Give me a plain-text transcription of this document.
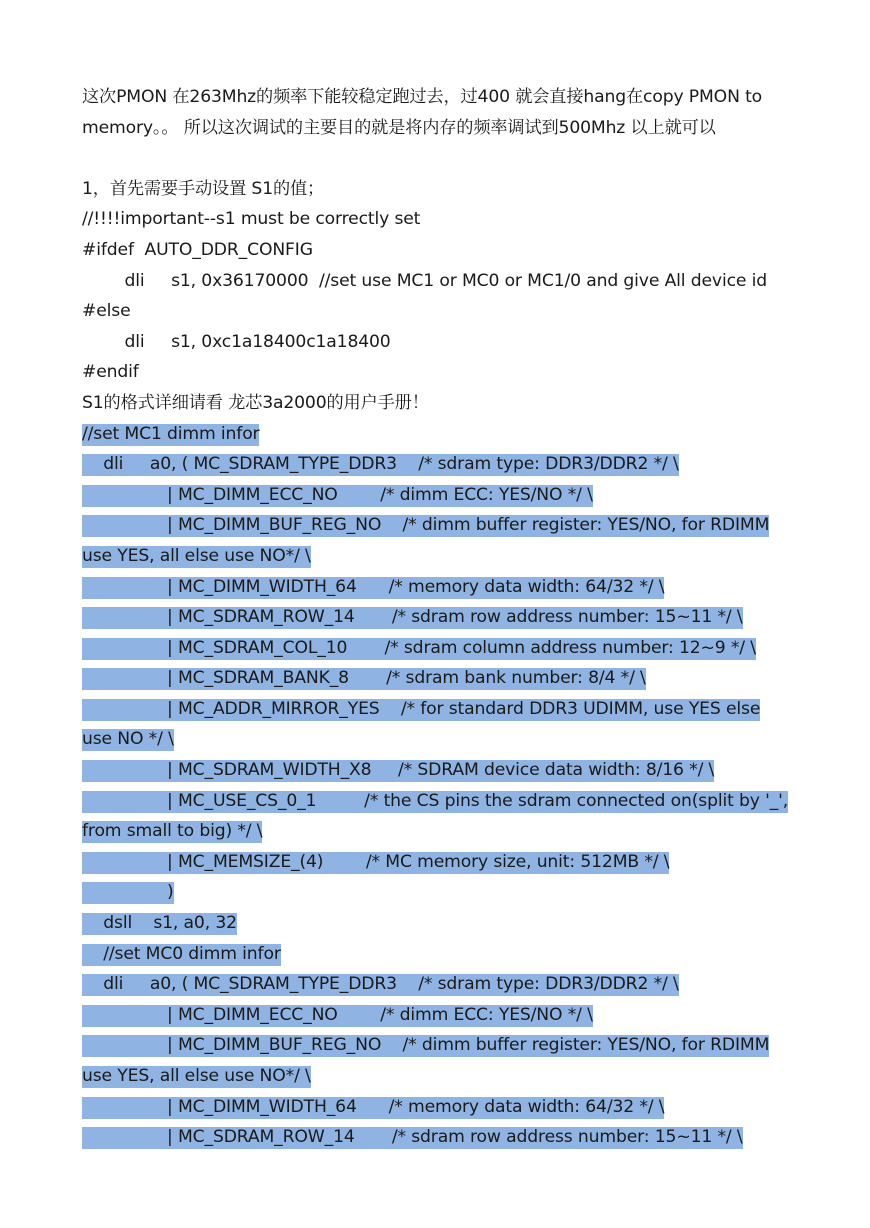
这次PMON 在263Mhz的频率下能较稳定跑过去，过400 就会直接hang在copy PMON to
memory。。 所以这次调试的主要目的就是将内存的频率调试到500Mhz 以上就可以
1，首先需要手动设置 S1的值；
//!!!!important--s1 must be correctly set
#ifdef  AUTO_DDR_CONFIG
dli     s1, 0x36170000  //set use MC1 or MC0 or MC1/0 and give All device id
#else
dli     s1, 0xc1a18400c1a18400
#endif
S1的格式详细请看 龙芯3a2000的用户手册！
//set MC1 dimm infor
dli     a0, ( MC_SDRAM_TYPE_DDR3    /* sdram type: DDR3/DDR2 */ \
| MC_DIMM_ECC_NO        /* dimm ECC: YES/NO */ \
| MC_DIMM_BUF_REG_NO    /* dimm buffer register: YES/NO, for RDIMM
use YES, all else use NO*/ \
| MC_DIMM_WIDTH_64      /* memory data width: 64/32 */ \
| MC_SDRAM_ROW_14       /* sdram row address number: 15~11 */ \
| MC_SDRAM_COL_10       /* sdram column address number: 12~9 */ \
| MC_SDRAM_BANK_8       /* sdram bank number: 8/4 */ \
| MC_ADDR_MIRROR_YES    /* for standard DDR3 UDIMM, use YES else
use NO */ \
| MC_SDRAM_WIDTH_X8     /* SDRAM device data width: 8/16 */ \
| MC_USE_CS_0_1         /* the CS pins the sdram connected on(split by '_',
from small to big) */ \
| MC_MEMSIZE_(4)        /* MC memory size, unit: 512MB */ \
)
dsll    s1, a0, 32
//set MC0 dimm infor
dli     a0, ( MC_SDRAM_TYPE_DDR3    /* sdram type: DDR3/DDR2 */ \
| MC_DIMM_ECC_NO        /* dimm ECC: YES/NO */ \
| MC_DIMM_BUF_REG_NO    /* dimm buffer register: YES/NO, for RDIMM
use YES, all else use NO*/ \
| MC_DIMM_WIDTH_64      /* memory data width: 64/32 */ \
| MC_SDRAM_ROW_14       /* sdram row address number: 15~11 */ \
